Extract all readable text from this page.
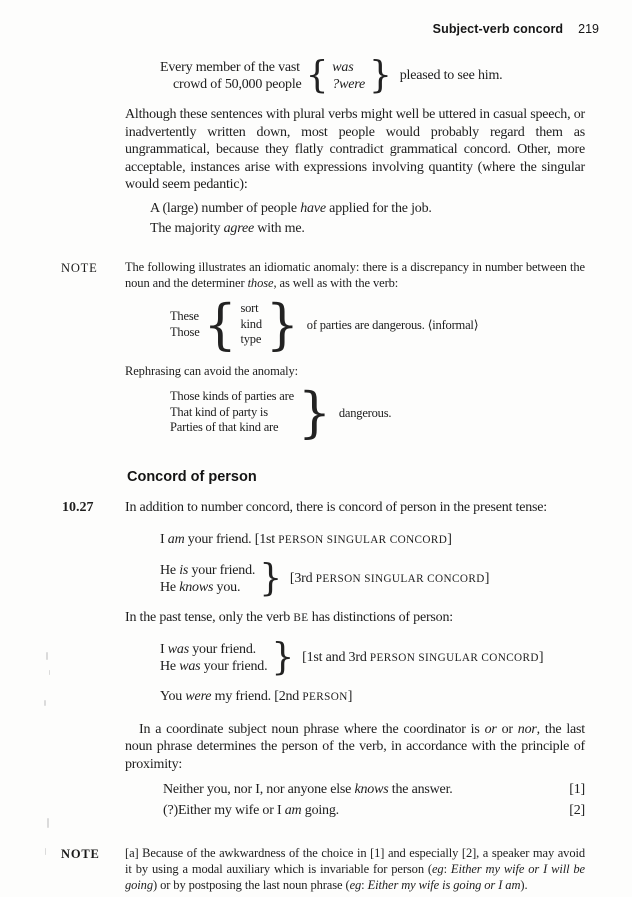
Subject-verb concord 219
Every member of the vast
crowd of 50,000 people { was
?were } pleased to see him.

Although these sentences with plural verbs might well be uttered in casual speech, or inadvertently written down, most people would probably regard them as ungrammatical, because they flatly contradict grammatical concord. Other, more acceptable, instances arise with expressions involving quantity (where the singular would seem pedantic):

A (large) number of people have applied for the job.
The majority agree with me.
NOTE The following illustrates an idiomatic anomaly: there is a discrepancy in number between the noun and the determiner those, as well as with the verb:

These
Those { sort
kind
type } of parties are dangerous. ⟨informal⟩

Rephrasing can avoid the anomaly:

Those kinds of parties are
That kind of party is
Parties of that kind are } dangerous.
Concord of person
10.27 In addition to number concord, there is concord of person in the present tense:

I am your friend. [1st PERSON SINGULAR CONCORD]
He is your friend.
He knows you. } [3rd PERSON SINGULAR CONCORD]

In the past tense, only the verb BE has distinctions of person:

I was your friend.
He was your friend. } [1st and 3rd PERSON SINGULAR CONCORD]
You were my friend. [2nd PERSON]

In a coordinate subject noun phrase where the coordinator is or or nor, the last noun phrase determines the person of the verb, in accordance with the principle of proximity:

Neither you, nor I, nor anyone else knows the answer.	[1]
(?)Either my wife or I am going.	[2]
NOTE [a] Because of the awkwardness of the choice in [1] and especially [2], a speaker may avoid it by using a modal auxiliary which is invariable for person (eg: Either my wife or I will be going) or by postposing the last noun phrase (eg: Either my wife is going or I am).
